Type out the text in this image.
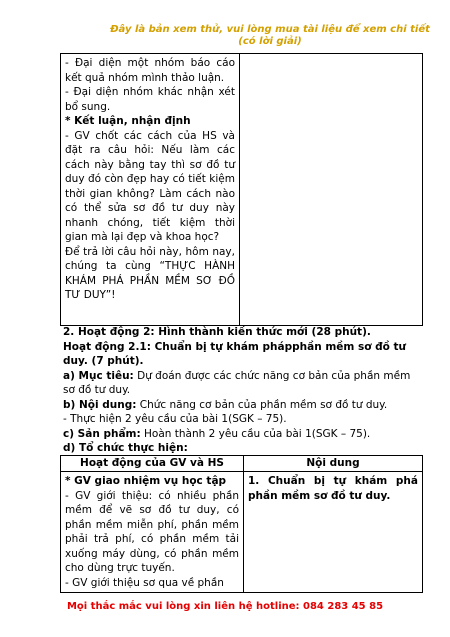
Đây là bản xem thử, vui lòng mua tài liệu để xem chi tiết (có lời giải)

- Đại diện một nhóm báo cáo kết quả nhóm mình thảo luận.

- Đại diện nhóm khác nhận xét bổ sung.

* Kết luận, nhận định

- GV chốt các cách của HS và đặt ra câu hỏi: Nếu làm các cách này bằng tay thì sơ đồ tư duy đó còn đẹp hay có tiết kiệm thời gian không? Làm cách nào có thể sửa sơ đồ tư duy này nhanh chóng, tiết kiệm thời gian mà lại đẹp và khoa học?

Để trả lời câu hỏi này, hôm nay, chúng ta cùng “THỰC HÀNH KHÁM PHÁ PHẦN MỀM SƠ ĐỒ TƯ DUY”!

2. Hoạt động 2: Hình thành kiến thức mới (28 phút).

Hoạt động 2.1: Chuẩn bị tự khám phápphần mềm sơ đồ tư duy. (7 phút).

a) Mục tiêu: Dự đoán được các chức năng cơ bản của phần mềm sơ đồ tư duy.

b) Nội dung: Chức năng cơ bản của phần mềm sơ đồ tư duy.

- Thực hiện 2 yêu cầu của bài 1(SGK – 75).

c) Sản phẩm: Hoàn thành 2 yêu cầu của bài 1(SGK – 75).

d) Tổ chức thực hiện:

Hoạt động của GV và HS	Nội dung

* GV giao nhiệm vụ học tập

- GV giới thiệu: có nhiều phần mềm để vẽ sơ đồ tư duy, có phần mềm miễn phí, phần mềm phải trả phí, có phần mềm tải xuống máy dùng, có phần mềm cho dùng trực tuyến.

- GV giới thiệu sơ qua về phần	1. Chuẩn bị tự khám phá phần mềm sơ đồ tư duy.

Mọi thắc mắc vui lòng xin liên hệ hotline: 084 283 45 85
